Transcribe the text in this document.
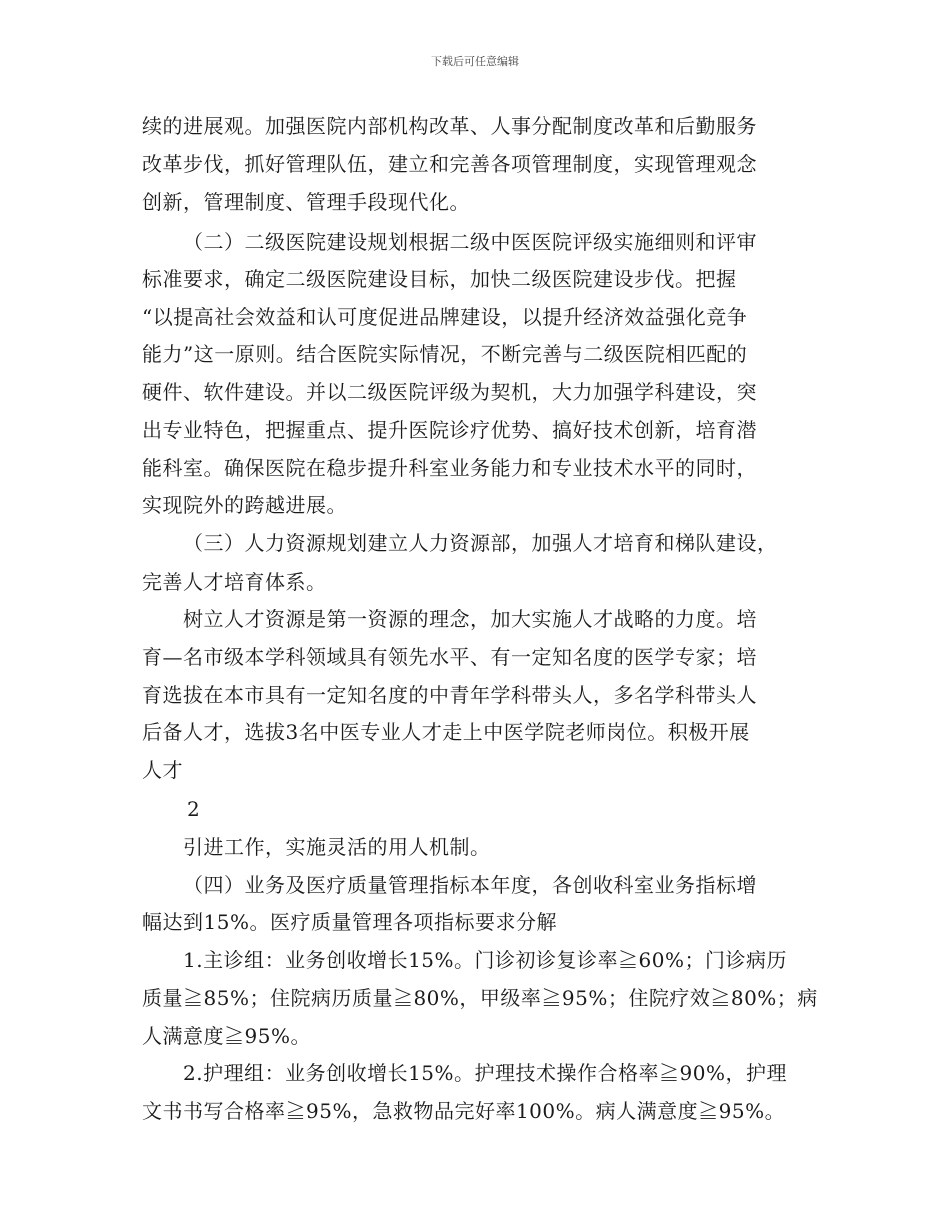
下载后可任意编辑
续的进展观。加强医院内部机构改革、人事分配制度改革和后勤服务
改革步伐，抓好管理队伍，建立和完善各项管理制度，实现管理观念
创新，管理制度、管理手段现代化。
（二）二级医院建设规划根据二级中医医院评级实施细则和评审
标准要求，确定二级医院建设目标，加快二级医院建设步伐。把握
“以提高社会效益和认可度促进品牌建设，以提升经济效益强化竞争
能力”这一原则。结合医院实际情况，不断完善与二级医院相匹配的
硬件、软件建设。并以二级医院评级为契机，大力加强学科建设，突
出专业特色，把握重点、提升医院诊疗优势、搞好技术创新，培育潜
能科室。确保医院在稳步提升科室业务能力和专业技术水平的同时，
实现院外的跨越进展。
（三）人力资源规划建立人力资源部，加强人才培育和梯队建设，
完善人才培育体系。
树立人才资源是第一资源的理念，加大实施人才战略的力度。培
育—名市级本学科领域具有领先水平、有一定知名度的医学专家；培
育选拔在本市具有一定知名度的中青年学科带头人，多名学科带头人
后备人才，选拔3名中医专业人才走上中医学院老师岗位。积极开展
人才
2
引进工作，实施灵活的用人机制。
（四）业务及医疗质量管理指标本年度，各创收科室业务指标增
幅达到15%。医疗质量管理各项指标要求分解
1.主诊组：业务创收增长15%。门诊初诊复诊率≧60%；门诊病历
质量≧85%；住院病历质量≧80%，甲级率≧95%；住院疗效≧80%；病
人满意度≧95%。
2.护理组：业务创收增长15%。护理技术操作合格率≧90%，护理
文书书写合格率≧95%，急救物品完好率100%。病人满意度≧95%。
